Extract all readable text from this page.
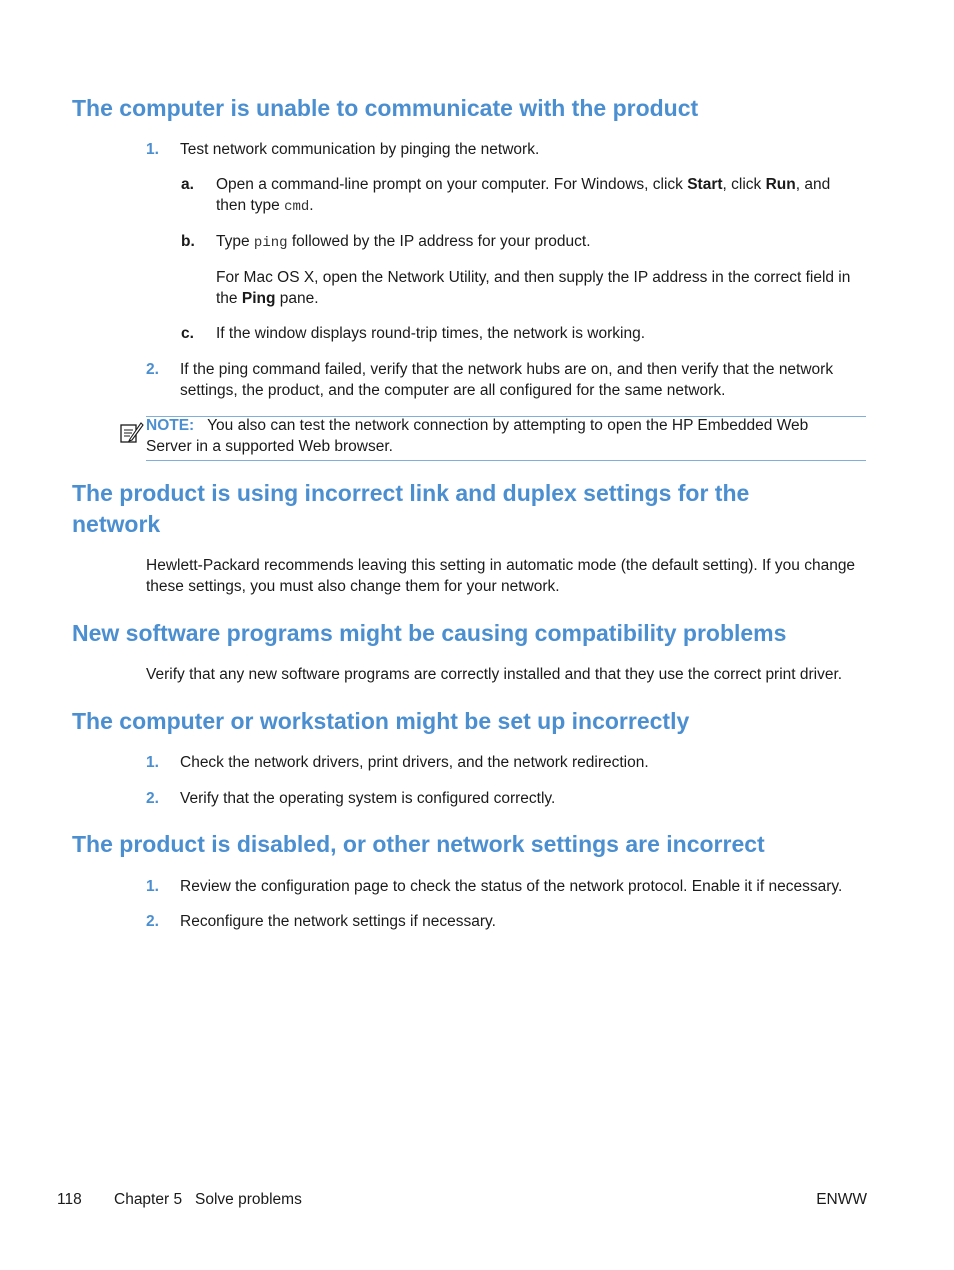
The computer is unable to communicate with the product
1. Test network communication by pinging the network.

a. Open a command-line prompt on your computer. For Windows, click Start, click Run, and

then type cmd.

b. Type ping followed by the IP address for your product.

For Mac OS X, open the Network Utility, and then supply the IP address in the correct field in

the Ping pane.

c. If the window displays round-trip times, the network is working.

2. If the ping command failed, verify that the network hubs are on, and then verify that the network

settings, the product, and the computer are all configured for the same network.

NOTE: You also can test the network connection by attempting to open the HP Embedded Web

Server in a supported Web browser.

The product is using incorrect link and duplex settings for the
network

Hewlett-Packard recommends leaving this setting in automatic mode (the default setting). If you change

these settings, you must also change them for your network.

New software programs might be causing compatibility problems

Verify that any new software programs are correctly installed and that they use the correct print driver.

The computer or workstation might be set up incorrectly
1. Check the network drivers, print drivers, and the network redirection.

2. Verify that the operating system is configured correctly.

The product is disabled, or other network settings are incorrect
1. Review the configuration page to check the status of the network protocol. Enable it if necessary.

2. Reconfigure the network settings if necessary.

118 Chapter 5   Solve problems	ENWW
